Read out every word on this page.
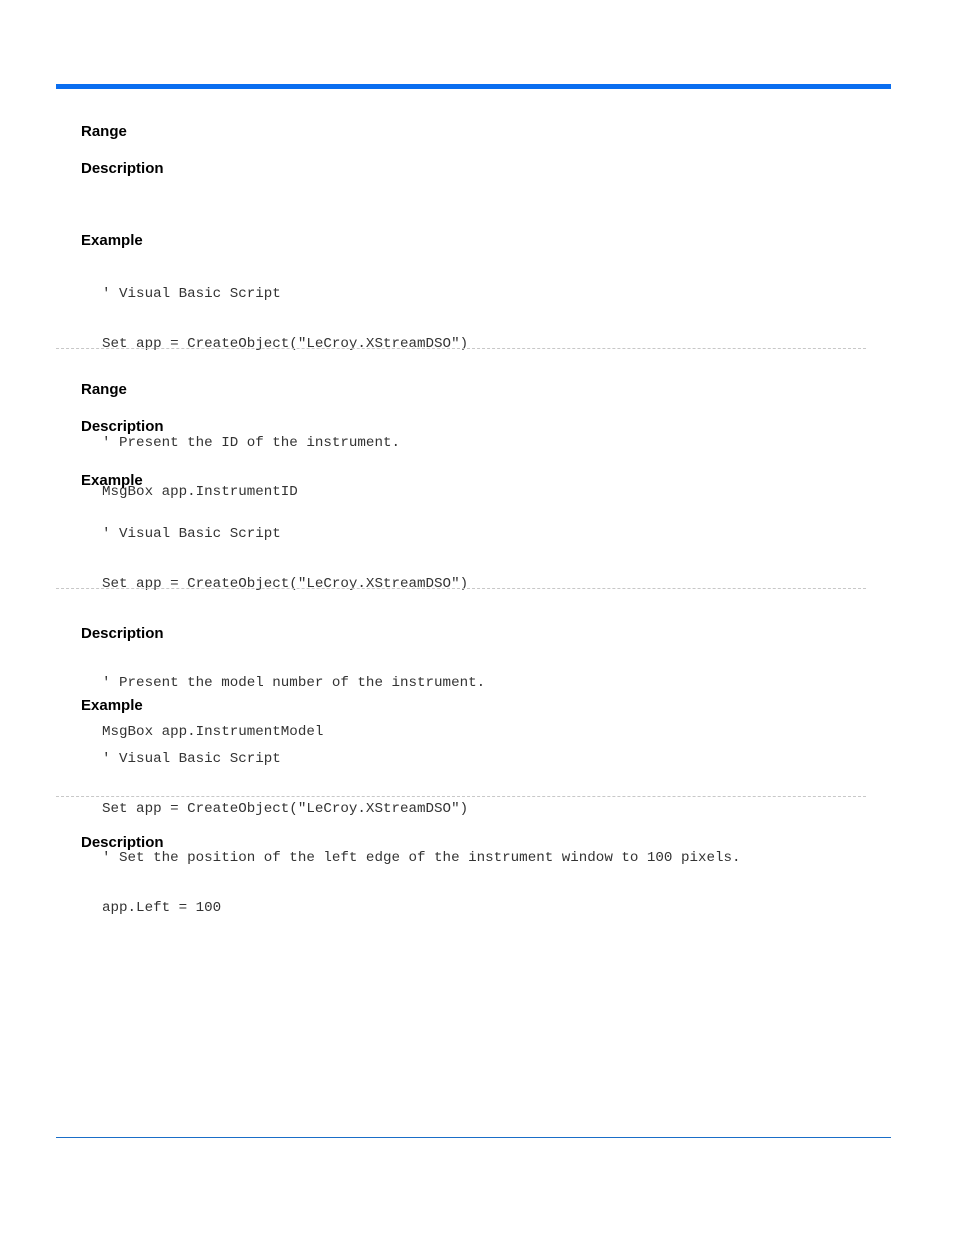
Range
Description
Example

' Visual Basic Script

Set app = CreateObject("LeCroy.XStreamDSO")

' Present the ID of the instrument.

MsgBox app.InstrumentID

Range
Description
Example

' Visual Basic Script

Set app = CreateObject("LeCroy.XStreamDSO")

' Present the model number of the instrument.

MsgBox app.InstrumentModel

Description
Example

' Visual Basic Script

Set app = CreateObject("LeCroy.XStreamDSO")

' Set the position of the left edge of the instrument window to 100 pixels.

app.Left = 100

Description
